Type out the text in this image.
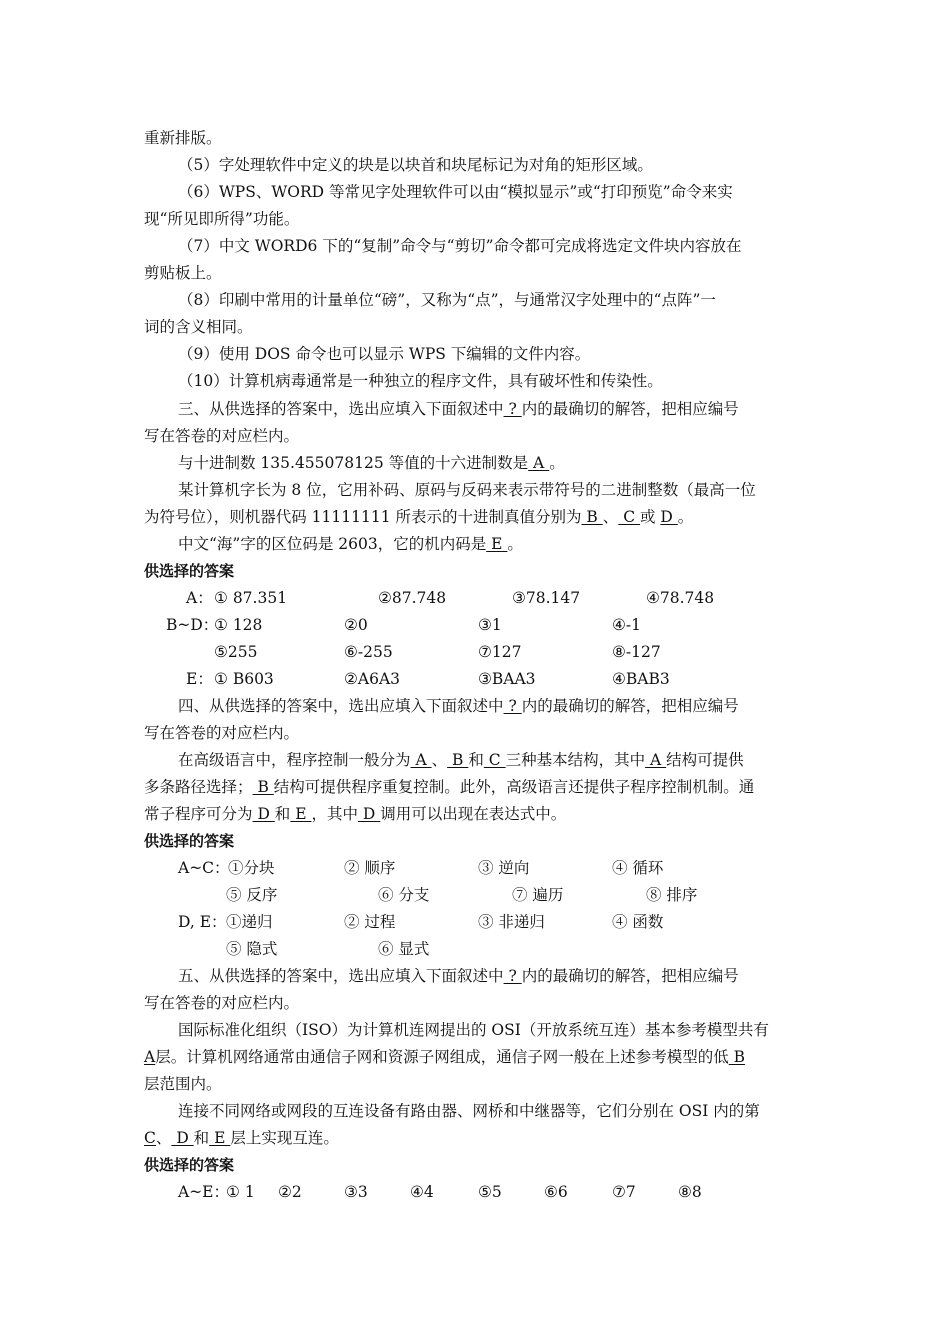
重新排版。
（5）字处理软件中定义的块是以块首和块尾标记为对角的矩形区域。
（6）WPS、WORD 等常见字处理软件可以由“模拟显示”或“打印预览”命令来实
现“所见即所得”功能。
（7）中文 WORD6 下的“复制”命令与“剪切”命令都可完成将选定文件块内容放在
剪贴板上。
（8）印刷中常用的计量单位“磅”，又称为“点”，与通常汉字处理中的“点阵”一
词的含义相同。
（9）使用 DOS 命令也可以显示 WPS 下编辑的文件内容。
（10）计算机病毒通常是一种独立的程序文件，具有破坏性和传染性。
三、从供选择的答案中，选出应填入下面叙述中 ? 内的最确切的解答，把相应编号
写在答卷的对应栏内。
与十进制数 135.455078125 等值的十六进制数是 A 。
某计算机字长为 8 位，它用补码、原码与反码来表示带符号的二进制整数（最高一位
为符号位），则机器代码 11111111 所表示的十进制真值分别为 B 、 C 或 D 。
中文“海”字的区位码是 2603，它的机内码是 E 。
供选择的答案
A： ① 87.351	②87.748	③78.147	④78.748
B~D：
① 128	②0	③1	④-1
⑤255	⑥-255	⑦127	⑧-127
E： ① B603	②A6A3	③BAA3	④BAB3
四、从供选择的答案中，选出应填入下面叙述中 ? 内的最确切的解答，把相应编号
写在答卷的对应栏内。
在高级语言中，程序控制一般分为 A 、 B 和 C 三种基本结构，其中 A 结构可提供
多条路径选择； B 结构可提供程序重复控制。此外，高级语言还提供子程序控制机制。通
常子程序可分为 D 和 E ，其中 D 调用可以出现在表达式中。
供选择的答案
A~C：
①分块	② 顺序	③ 逆向	④ 循环
⑤ 反序	⑥ 分支	⑦ 遍历	⑧ 排序
D, E： ①递归	② 过程	③ 非递归	④ 函数
⑤ 隐式	⑥ 显式
五、从供选择的答案中，选出应填入下面叙述中 ? 内的最确切的解答，把相应编号
写在答卷的对应栏内。
国际标准化组织（ISO）为计算机连网提出的 OSI（开放系统互连）基本参考模型共有
A层。计算机网络通常由通信子网和资源子网组成，通信子网一般在上述参考模型的低 B
层范围内。
连接不同网络或网段的互连设备有路由器、网桥和中继器等，它们分别在 OSI 内的第
C、 D 和 E 层上实现互连。
供选择的答案
A~E：
① 1 ②2	③3	④4	⑤5	⑥6	⑦7	⑧8
